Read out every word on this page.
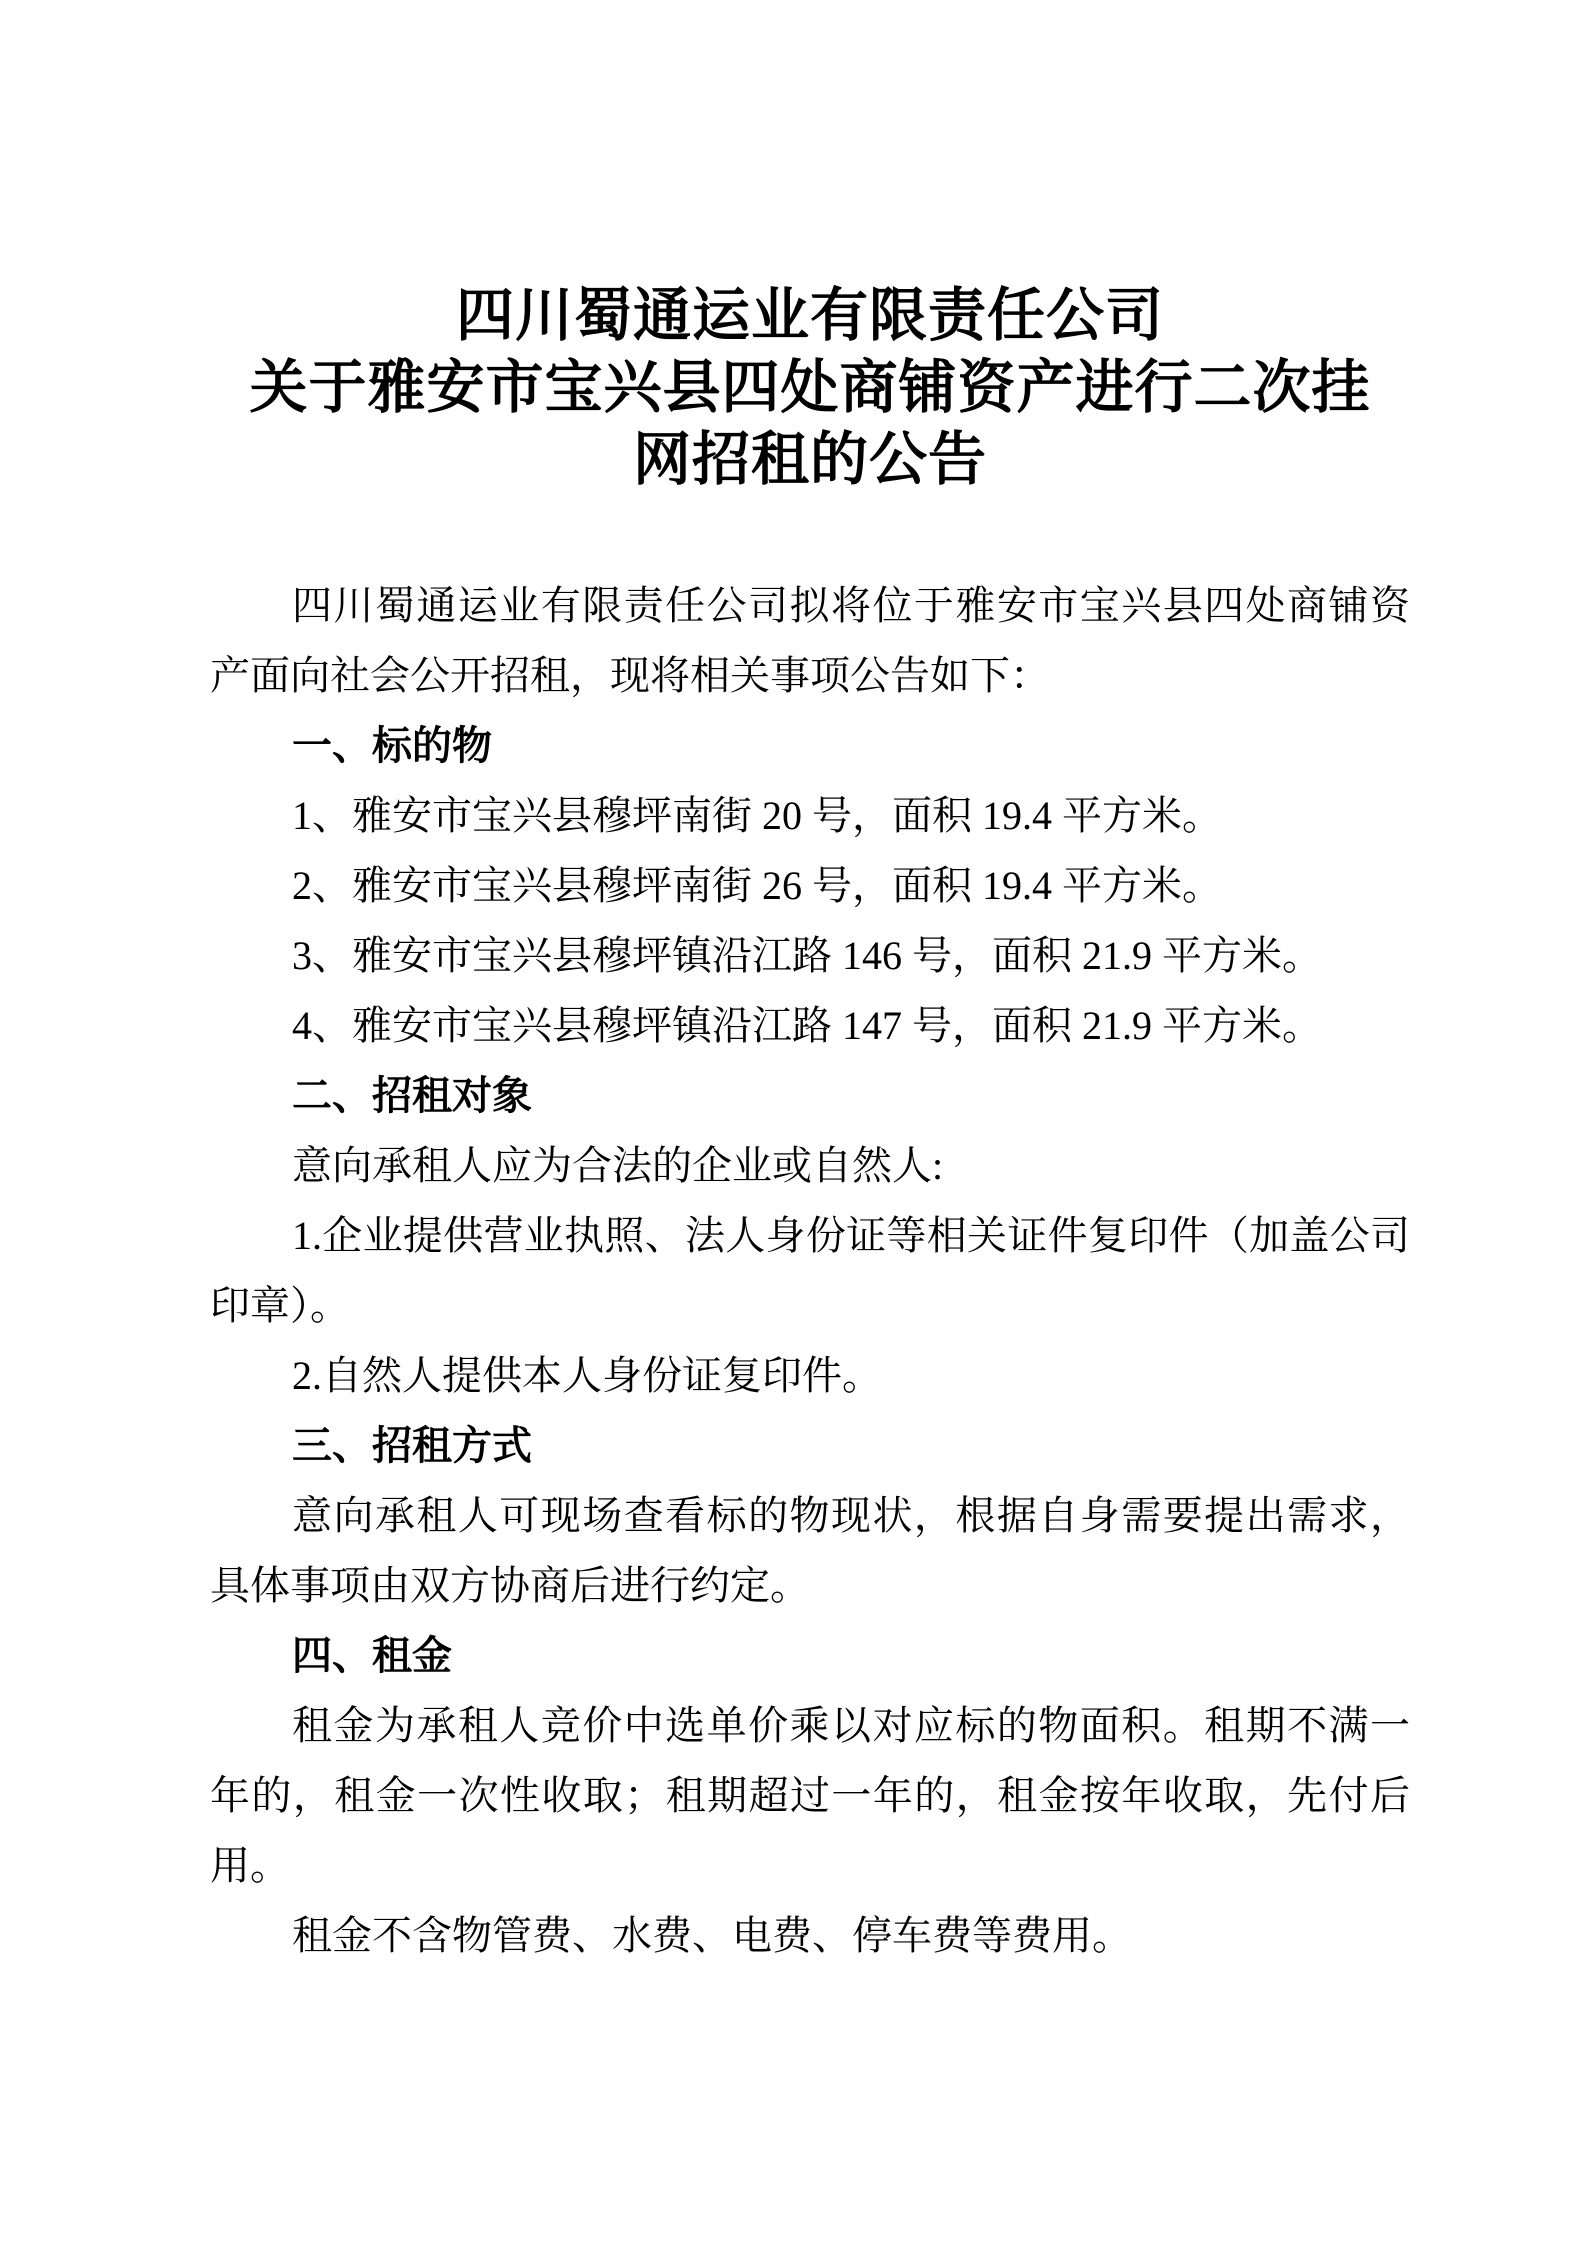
四川蜀通运业有限责任公司
关于雅安市宝兴县四处商铺资产进行二次挂
网招租的公告
四川蜀通运业有限责任公司拟将位于雅安市宝兴县四处商铺资产面向社会公开招租，现将相关事项公告如下：
一、标的物
1、雅安市宝兴县穆坪南街 20 号，面积 19.4 平方米。
2、雅安市宝兴县穆坪南街 26 号，面积 19.4 平方米。
3、雅安市宝兴县穆坪镇沿江路 146 号，面积 21.9 平方米。
4、雅安市宝兴县穆坪镇沿江路 147 号，面积 21.9 平方米。
二、招租对象
意向承租人应为合法的企业或自然人:
1.企业提供营业执照、法人身份证等相关证件复印件（加盖公司印章）。
2.自然人提供本人身份证复印件。
三、招租方式
意向承租人可现场查看标的物现状，根据自身需要提出需求，具体事项由双方协商后进行约定。
四、租金
租金为承租人竞价中选单价乘以对应标的物面积。租期不满一年的，租金一次性收取；租期超过一年的，租金按年收取，先付后用。
租金不含物管费、水费、电费、停车费等费用。
